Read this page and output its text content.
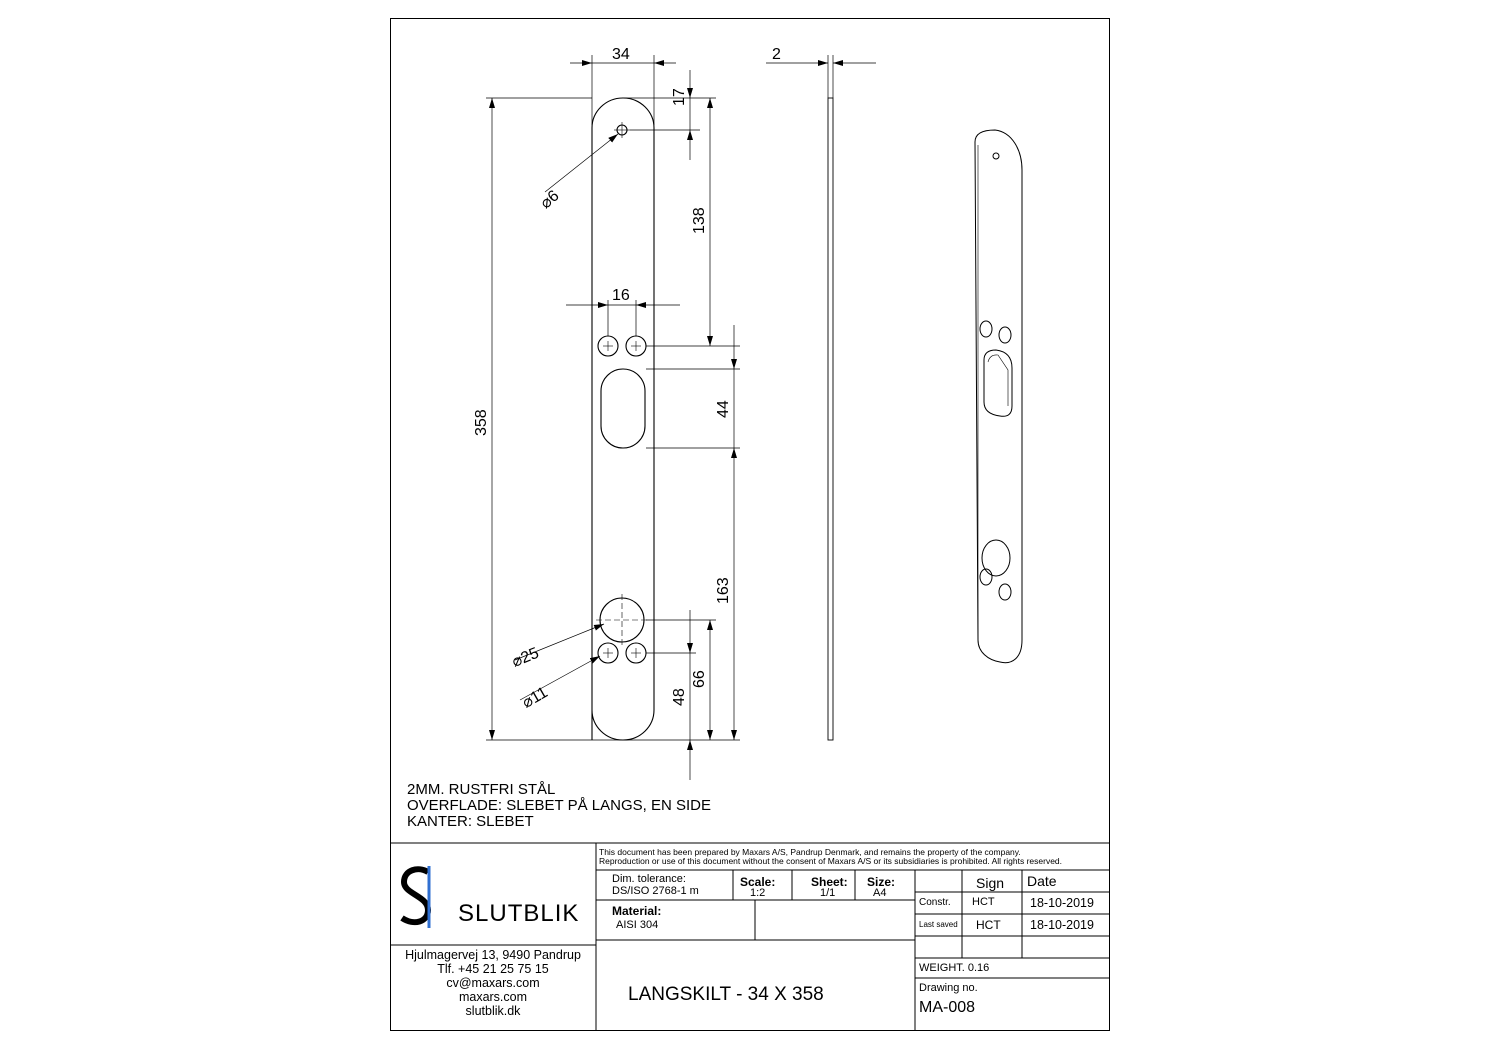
34	2
17
⌀6
138
16
44
358
163
⌀25
⌀11
66
48
2MM. RUSTFRI STÅL
OVERFLADE: SLEBET PÅ LANGS, EN SIDE
KANTER: SLEBET
SLUTBLIK
Hjulmagervej 13, 9490 Pandrup
Tlf. +45 21 25 75 15
cv@maxars.com
maxars.com
slutblik.dk
This document has been prepared by Maxars A/S, Pandrup Denmark, and remains the property of the company.
Reproduction or use of this document without the consent of Maxars A/S or its subsidiaries is prohibited. All rights reserved.
Dim. tolerance:
DS/ISO 2768-1 m
Scale:
1:2
Sheet:
1/1
Size:
A4
Material:
AISI 304
Sign Date
Constr. HCT	18-10-2019
Last saved HCT 18-10-2019
WEIGHT. 0.16
Drawing no.
MA-008
LANGSKILT - 34 X 358
